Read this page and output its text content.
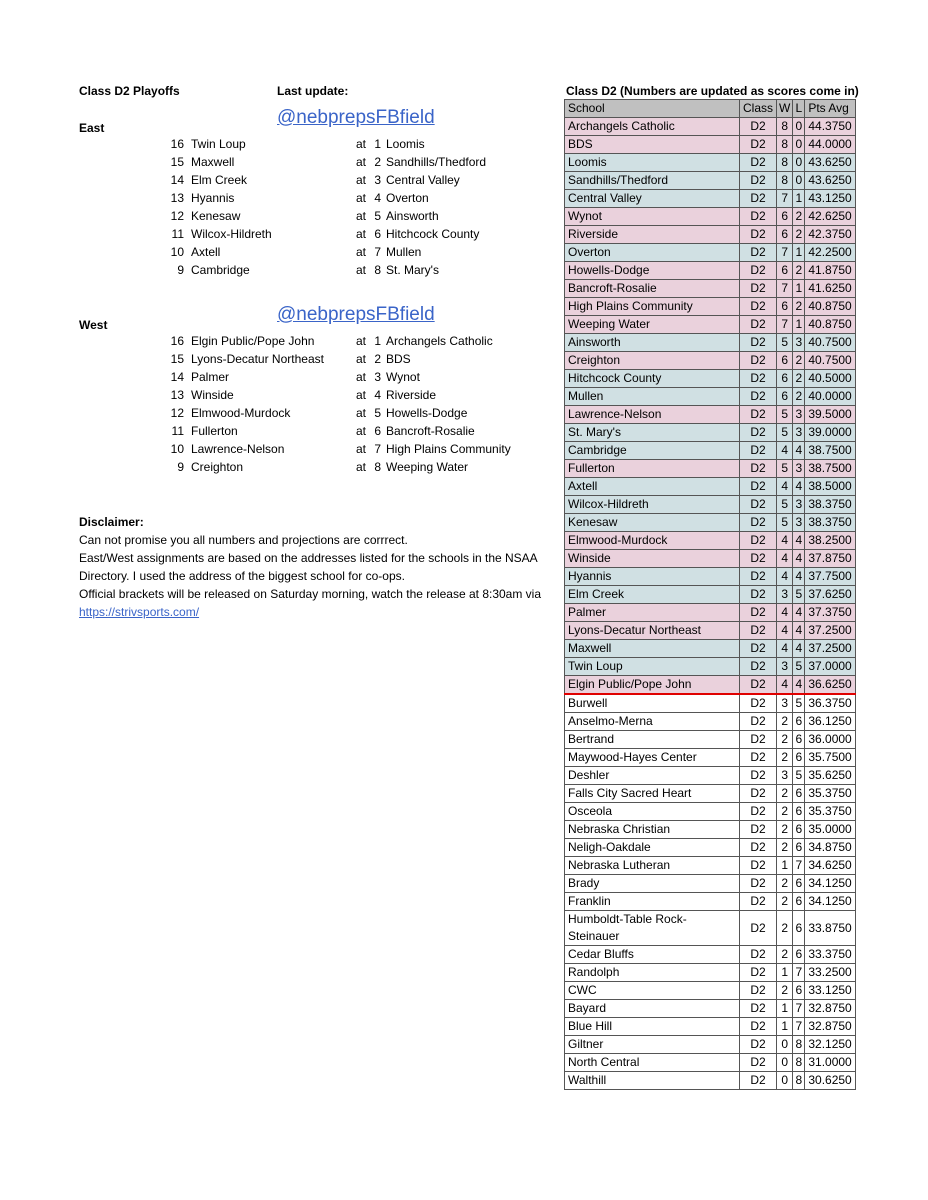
Class D2 Playoffs	Last update:
@nebprepsFBfield
East
16 Twin Loup	at 1 Loomis
15 Maxwell	at 2 Sandhills/Thedford
14 Elm Creek	at 3 Central Valley
13 Hyannis	at 4 Overton
12 Kenesaw	at 5 Ainsworth
11 Wilcox-Hildreth	at 6 Hitchcock County
10 Axtell	at 7 Mullen
9 Cambridge	at 8 St. Mary's
@nebprepsFBfield
West
16 Elgin Public/Pope John	at 1 Archangels Catholic
15 Lyons-Decatur Northeast	at 2 BDS
14 Palmer	at 3 Wynot
13 Winside	at 4 Riverside
12 Elmwood-Murdock	at 5 Howells-Dodge
11 Fullerton	at 6 Bancroft-Rosalie
10 Lawrence-Nelson	at 7 High Plains Community
9 Creighton	at 8 Weeping Water
Disclaimer:
Can not promise you all numbers and projections are corrrect.
East/West assignments are based on the addresses listed for the schools in the NSAA
Directory. I used the address of the biggest school for co-ops.
Official brackets will be released on Saturday morning, watch the release at 8:30am via
https://strivsports.com/
Class D2 (Numbers are updated as scores come in)
School	Class	W	L	Pts Avg
Archangels Catholic	D2	8	0	44.3750
BDS	D2	8	0	44.0000
Loomis	D2	8	0	43.6250
Sandhills/Thedford	D2	8	0	43.6250
Central Valley	D2	7	1	43.1250
Wynot	D2	6	2	42.6250
Riverside	D2	6	2	42.3750
Overton	D2	7	1	42.2500
Howells-Dodge	D2	6	2	41.8750
Bancroft-Rosalie	D2	7	1	41.6250
High Plains Community	D2	6	2	40.8750
Weeping Water	D2	7	1	40.8750
Ainsworth	D2	5	3	40.7500
Creighton	D2	6	2	40.7500
Hitchcock County	D2	6	2	40.5000
Mullen	D2	6	2	40.0000
Lawrence-Nelson	D2	5	3	39.5000
St. Mary's	D2	5	3	39.0000
Cambridge	D2	4	4	38.7500
Fullerton	D2	5	3	38.7500
Axtell	D2	4	4	38.5000
Wilcox-Hildreth	D2	5	3	38.3750
Kenesaw	D2	5	3	38.3750
Elmwood-Murdock	D2	4	4	38.2500
Winside	D2	4	4	37.8750
Hyannis	D2	4	4	37.7500
Elm Creek	D2	3	5	37.6250
Palmer	D2	4	4	37.3750
Lyons-Decatur Northeast	D2	4	4	37.2500
Maxwell	D2	4	4	37.2500
Twin Loup	D2	3	5	37.0000
Elgin Public/Pope John	D2	4	4	36.6250
Burwell	D2	3	5	36.3750
Anselmo-Merna	D2	2	6	36.1250
Bertrand	D2	2	6	36.0000
Maywood-Hayes Center	D2	2	6	35.7500
Deshler	D2	3	5	35.6250
Falls City Sacred Heart	D2	2	6	35.3750
Osceola	D2	2	6	35.3750
Nebraska Christian	D2	2	6	35.0000
Neligh-Oakdale	D2	2	6	34.8750
Nebraska Lutheran	D2	1	7	34.6250
Brady	D2	2	6	34.1250
Franklin	D2	2	6	34.1250
Humboldt-Table Rock-Steinauer	D2	2	6	33.8750
Cedar Bluffs	D2	2	6	33.3750
Randolph	D2	1	7	33.2500
CWC	D2	2	6	33.1250
Bayard	D2	1	7	32.8750
Blue Hill	D2	1	7	32.8750
Giltner	D2	0	8	32.1250
North Central	D2	0	8	31.0000
Walthill	D2	0	8	30.6250
